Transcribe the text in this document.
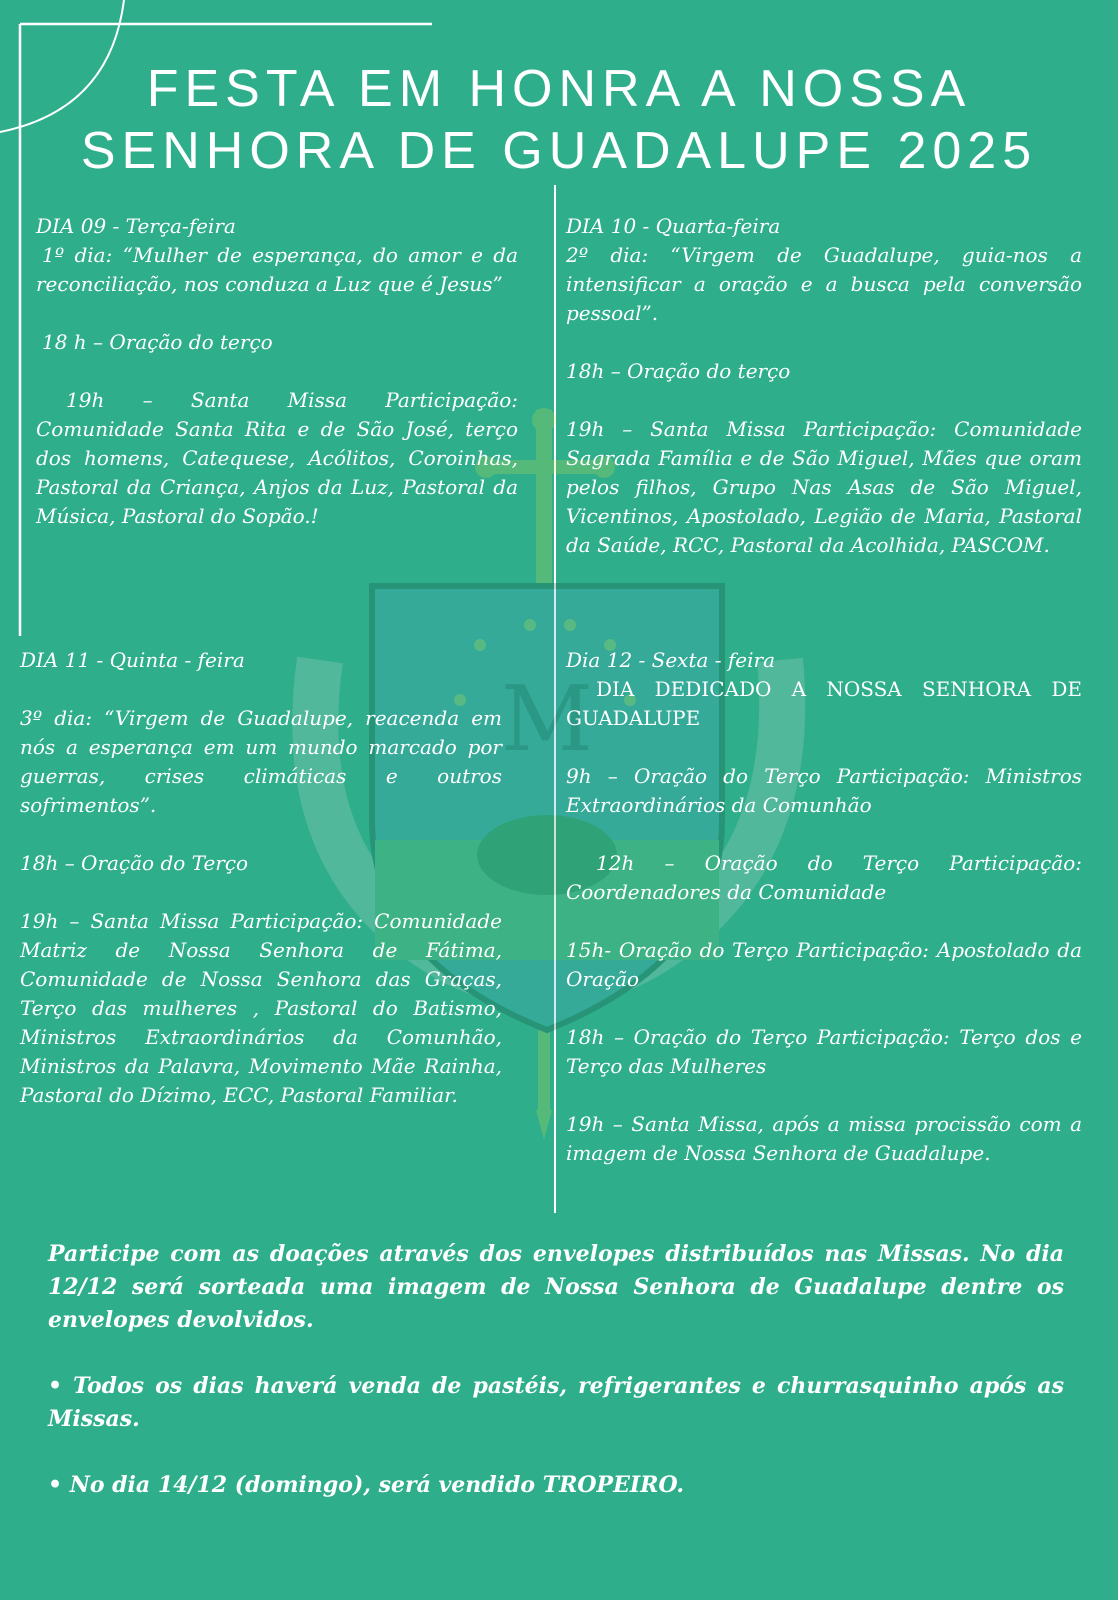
M
FESTA EM HONRA A NOSSA
SENHORA DE GUADALUPE 2025

DIA 09 - Terça-feira

1º dia: “Mulher de esperança, do amor e da reconciliação, nos conduza a Luz que é Jesus”

18 h – Oração do terço

19h – Santa Missa Participação: Comunidade Santa Rita e de São José, terço dos homens, Catequese, Acólitos, Coroinhas, Pastoral da Criança, Anjos da Luz, Pastoral da Música, Pastoral do Sopão.!

DIA 10 - Quarta-feira

2º dia: “Virgem de Guadalupe, guia-nos a intensificar a oração e a busca pela conversão pessoal”.

18h – Oração do terço

19h – Santa Missa Participação: Comunidade Sagrada Família e de São Miguel, Mães que oram pelos filhos, Grupo Nas Asas de São Miguel, Vicentinos, Apostolado, Legião de Maria, Pastoral da Saúde, RCC, Pastoral da Acolhida, PASCOM.

DIA 11 - Quinta - feira

3º dia: “Virgem de Guadalupe, reacenda em nós a esperança em um mundo marcado por guerras, crises climáticas e outros sofrimentos”.

18h – Oração do Terço

19h – Santa Missa Participação: Comunidade Matriz de Nossa Senhora de Fátima, Comunidade de Nossa Senhora das Graças, Terço das mulheres , Pastoral do Batismo, Ministros Extraordinários da Comunhão, Ministros da Palavra, Movimento Mãe Rainha, Pastoral do Dízimo, ECC, Pastoral Familiar.

Dia 12 - Sexta - feira

DIA DEDICADO A NOSSA SENHORA DE GUADALUPE

9h – Oração do Terço Participação: Ministros Extraordinários da Comunhão

12h – Oração do Terço Participação: Coordenadores da Comunidade

15h- Oração do Terço Participação: Apostolado da Oração

18h – Oração do Terço Participação: Terço dos e Terço das Mulheres

19h – Santa Missa, após a missa procissão com a imagem de Nossa Senhora de Guadalupe.

Participe com as doações através dos envelopes distribuídos nas Missas. No dia 12/12 será sorteada uma imagem de Nossa Senhora de Guadalupe dentre os envelopes devolvidos.

• Todos os dias haverá venda de pastéis, refrigerantes e churrasquinho após as Missas.

• No dia 14/12 (domingo), será vendido TROPEIRO.
